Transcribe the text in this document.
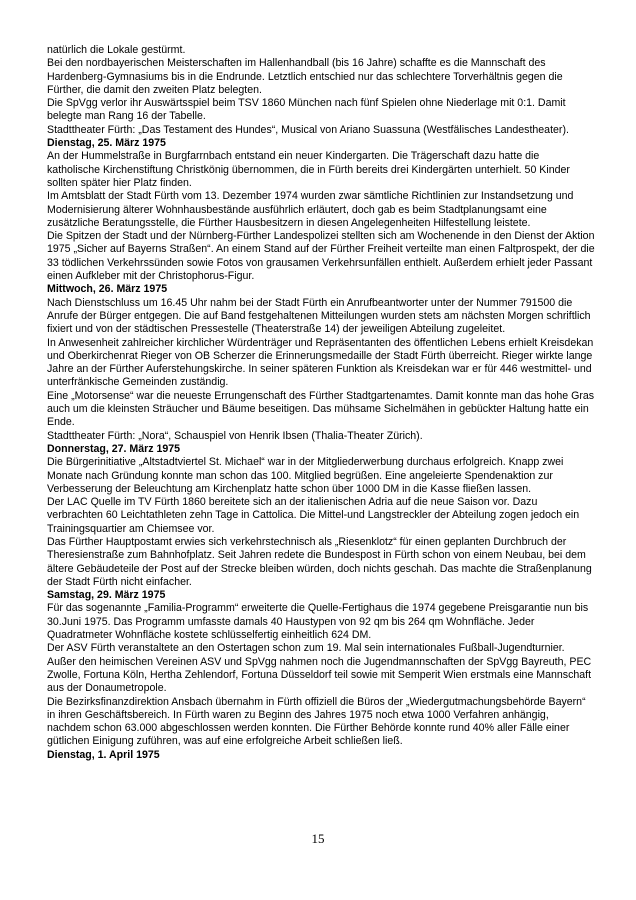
natürlich die Lokale gestürmt.

Bei den nordbayerischen Meisterschaften im Hallenhandball (bis 16 Jahre) schaffte es die Mannschaft des Hardenberg-Gymnasiums bis in die Endrunde. Letztlich entschied nur das schlechtere Torverhältnis gegen die Fürther, die damit den zweiten Platz belegten.

Die SpVgg verlor ihr Auswärtsspiel beim TSV 1860 München nach fünf Spielen ohne Niederlage mit 0:1. Damit belegte man Rang 16 der Tabelle.

Stadttheater Fürth: „Das Testament des Hundes“, Musical von Ariano Suassuna (Westfälisches Landestheater).

Dienstag, 25. März 1975

An der Hummelstraße in Burgfarrnbach entstand ein neuer Kindergarten. Die Trägerschaft dazu hatte die katholische Kirchenstiftung Christkönig übernommen, die in Fürth bereits drei Kindergärten unterhielt. 50 Kinder sollten später hier Platz finden.

Im Amtsblatt der Stadt Fürth vom 13. Dezember 1974 wurden zwar sämtliche Richtlinien zur Instandsetzung und Modernisierung älterer Wohnhausbestände ausführlich erläutert, doch gab es beim Stadtplanungsamt eine zusätzliche Beratungsstelle, die Fürther Hausbesitzern in diesen Angelegenheiten Hilfestellung leistete.

Die Spitzen der Stadt und der Nürnberg-Fürther Landespolizei stellten sich am Wochenende in den Dienst der Aktion 1975 „Sicher auf Bayerns Straßen“. An einem Stand auf der Fürther Freiheit verteilte man einen Faltprospekt, der die 33 tödlichen Verkehrssünden sowie Fotos von grausamen Verkehrsunfällen enthielt. Außerdem erhielt jeder Passant einen Aufkleber mit der Christophorus-Figur.

Mittwoch, 26. März 1975

Nach Dienstschluss um 16.45 Uhr nahm bei der Stadt Fürth ein Anrufbeantworter unter der Nummer 791500 die Anrufe der Bürger entgegen. Die auf Band festgehaltenen Mitteilungen wurden stets am nächsten Morgen schriftlich fixiert und von der städtischen Pressestelle (Theaterstraße 14) der jeweiligen Abteilung zugeleitet.

In Anwesenheit zahlreicher kirchlicher Würdenträger und Repräsentanten des öffentlichen Lebens erhielt Kreisdekan und Oberkirchenrat Rieger von OB Scherzer die Erinnerungsmedaille der Stadt Fürth überreicht. Rieger wirkte lange Jahre an der Fürther Auferstehungskirche. In seiner späteren Funktion als Kreisdekan war er für 446 westmittel- und unterfränkische Gemeinden zuständig.

Eine „Motorsense“ war die neueste Errungenschaft des Fürther Stadtgartenamtes. Damit konnte man das hohe Gras auch um die kleinsten Sträucher und Bäume beseitigen. Das mühsame Sichelmähen in gebückter Haltung hatte ein Ende.

Stadttheater Fürth: „Nora“, Schauspiel von Henrik Ibsen (Thalia-Theater Zürich).

Donnerstag, 27. März 1975

Die Bürgerinitiative „Altstadtviertel St. Michael“ war in der Mitgliederwerbung durchaus erfolgreich. Knapp zwei Monate nach Gründung konnte man schon das 100. Mitglied begrüßen. Eine angeleierte Spendenaktion zur Verbesserung der Beleuchtung am Kirchenplatz hatte schon über 1000 DM in die Kasse fließen lassen.

Der LAC Quelle im TV Fürth 1860 bereitete sich an der italienischen Adria auf die neue Saison vor. Dazu verbrachten 60 Leichtathleten zehn Tage in Cattolica. Die Mittel-und Langstreckler der Abteilung zogen jedoch ein Trainingsquartier am Chiemsee vor.

Das Fürther Hauptpostamt erwies sich verkehrstechnisch als „Riesenklotz“ für einen geplanten Durchbruch der Theresienstraße zum Bahnhofplatz. Seit Jahren redete die Bundespost in Fürth schon von einem Neubau, bei dem ältere Gebäudeteile der Post auf der Strecke bleiben würden, doch nichts geschah. Das machte die Straßenplanung der Stadt Fürth nicht einfacher.

Samstag, 29. März 1975

Für das sogenannte „Familia-Programm“ erweiterte die Quelle-Fertighaus die 1974 gegebene Preisgarantie nun bis 30.Juni 1975. Das Programm umfasste damals 40 Haustypen von 92 qm bis 264 qm Wohnfläche. Jeder Quadratmeter Wohnfläche kostete schlüsselfertig einheitlich 624 DM.

Der ASV Fürth veranstaltete an den Ostertagen schon zum 19. Mal sein internationales Fußball-Jugendturnier. Außer den heimischen Vereinen ASV und SpVgg nahmen noch die Jugendmannschaften der SpVgg Bayreuth, PEC Zwolle, Fortuna Köln, Hertha Zehlendorf, Fortuna Düsseldorf teil sowie mit Semperit Wien erstmals eine Mannschaft aus der Donaumetropole.

Die Bezirksfinanzdirektion Ansbach übernahm in Fürth offiziell die Büros der „Wiedergutmachungsbehörde Bayern“ in ihren Geschäftsbereich. In Fürth waren zu Beginn des Jahres 1975 noch etwa 1000 Verfahren anhängig, nachdem schon 63.000 abgeschlossen werden konnten. Die Fürther Behörde konnte rund 40% aller Fälle einer gütlichen Einigung zuführen, was auf eine erfolgreiche Arbeit schließen ließ.

Dienstag, 1. April 1975

15
